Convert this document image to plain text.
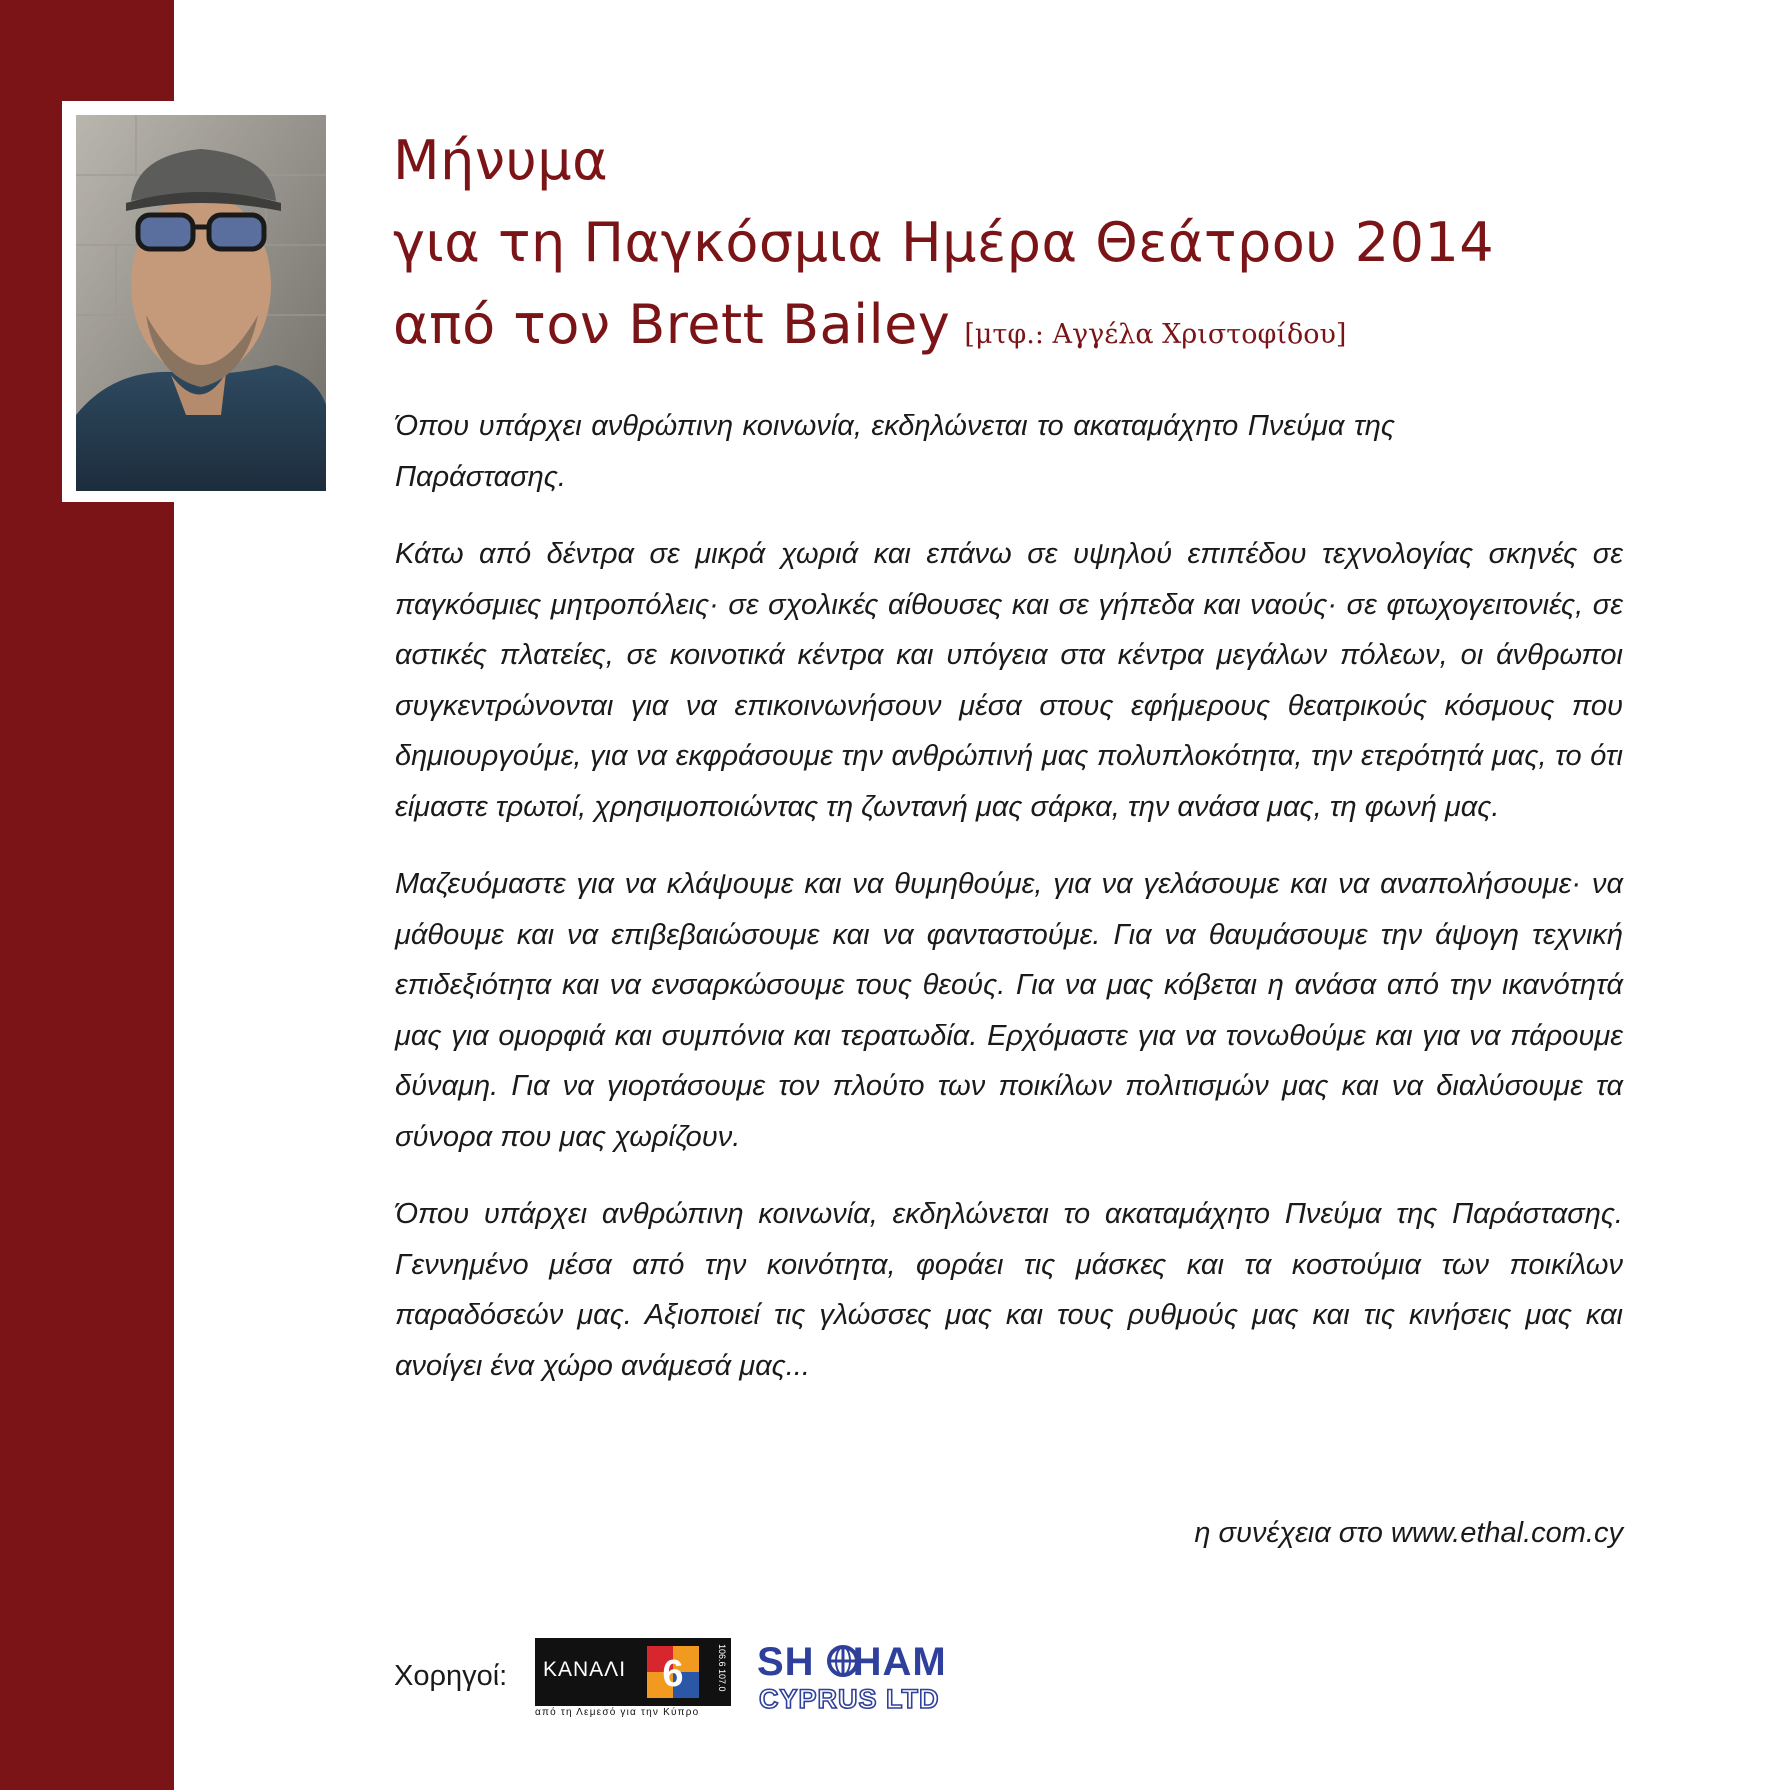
Μήνυμα
για τη Παγκόσμια Ημέρα Θεάτρου 2014
από τον Brett Bailey [μτφ.: Αγγέλα Χριστοφίδου]

Όπου υπάρχει ανθρώπινη κοινωνία, εκδηλώνεται το ακαταμάχητο Πνεύμα της Παράστασης.

Κάτω από δέντρα σε μικρά χωριά και επάνω σε υψηλού επιπέδου τεχνολογίας σκηνές σε παγκόσμιες μητροπόλεις· σε σχολικές αίθουσες και σε γήπεδα και ναούς· σε φτωχογειτονιές, σε αστικές πλατείες, σε κοινοτικά κέντρα και υπόγεια στα κέντρα μεγάλων πόλεων, οι άνθρωποι συγκεντρώνονται για να επικοινωνήσουν μέσα στους εφήμερους θεατρικούς κόσμους που δημιουργούμε, για να εκφράσουμε την ανθρώπινή μας πολυπλοκότητα, την ετερότητά μας, το ότι είμαστε τρωτοί, χρησιμοποιώντας τη ζωντανή μας σάρκα, την ανάσα μας, τη φωνή μας.

Μαζευόμαστε για να κλάψουμε και να θυμηθούμε, για να γελάσουμε και να αναπολήσουμε· να μάθουμε και να επιβεβαιώσουμε και να φανταστούμε. Για να θαυμάσουμε την άψογη τεχνική επιδεξιότητα και να ενσαρκώσουμε τους θεούς. Για να μας κόβεται η ανάσα από την ικανότητά μας για ομορφιά και συμπόνια και τερατωδία. Ερχόμαστε για να τονωθούμε και για να πάρουμε δύναμη. Για να γιορτάσουμε τον πλούτο των ποικίλων πολιτισμών μας και να διαλύσουμε τα σύνορα που μας χωρίζουν.

Όπου υπάρχει ανθρώπινη κοινωνία, εκδηλώνεται το ακαταμάχητο Πνεύμα της Παράστασης. Γεννημένο μέσα από την κοινότητα, φοράει τις μάσκες και τα κοστούμια των ποικίλων παραδόσεών μας. Αξιοποιεί τις γλώσσες μας και τους ρυθμούς μας και τις κινήσεις μας και ανοίγει ένα χώρο ανάμεσά μας...

η συνέχεια στο www.ethal.com.cy
Χορηγοί: ΚΑΝΑΛΙ 6	106.6 107.0
από τη Λεμεσό για την Κύπρο
SH HAM
CYPRUS LTD
